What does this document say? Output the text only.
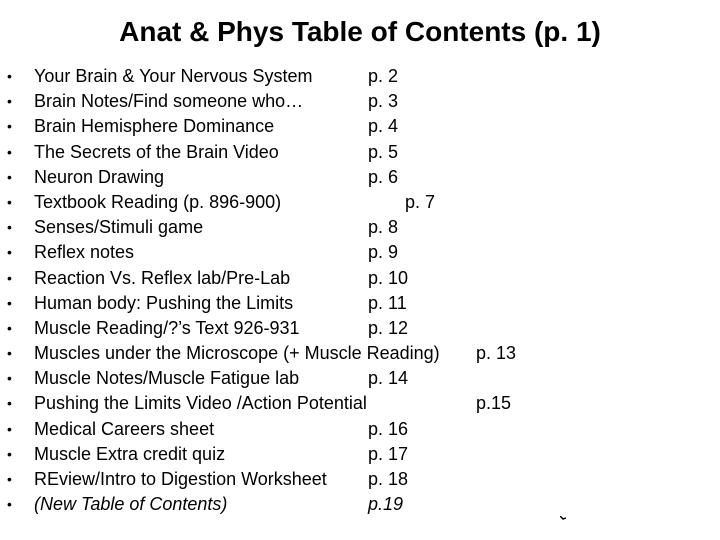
Anat & Phys Table of Contents (p. 1)
• Your Brain & Your Nervous System	p. 2
• Brain Notes/Find someone who…	p. 3
• Brain Hemisphere Dominance	p. 4
• The Secrets of the Brain Video	p. 5
• Neuron Drawing	p. 6
• Textbook Reading (p. 896-900)	p. 7
• Senses/Stimuli game	p. 8
• Reflex notes	p. 9
• Reaction Vs. Reflex lab/Pre-Lab	p. 10
• Human body: Pushing the Limits	p. 11
• Muscle Reading/?’s Text 926-931	p. 12
• Muscles under the Microscope (+ Muscle Reading) p. 13
• Muscle Notes/Muscle Fatigue lab	p. 14
• Pushing the Limits Video /Action Potential	p.15
• Medical Careers sheet	p. 16
• Muscle Extra credit quiz	p. 17
• REview/Intro to Digestion Worksheet p. 18
• (New Table of Contents)	p.19
